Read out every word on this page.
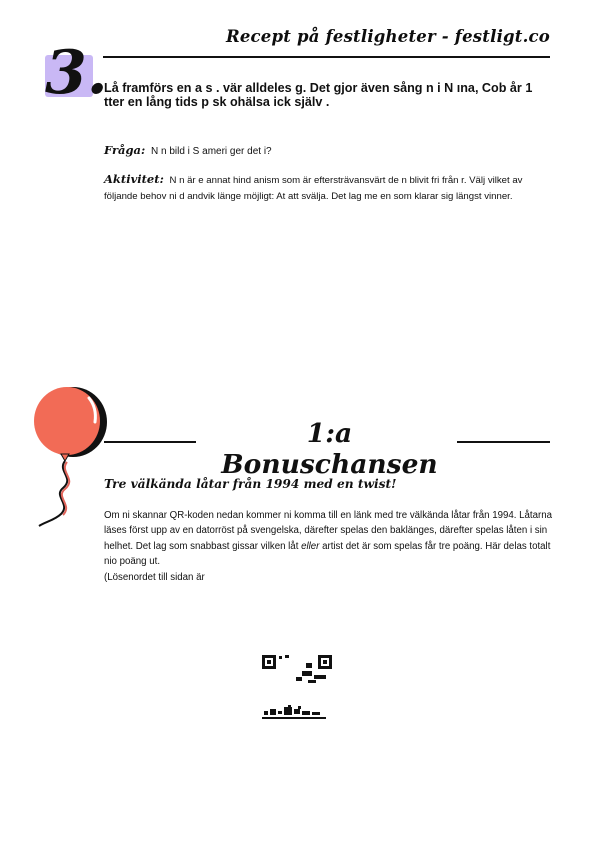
Recept på festligheter - festligt.co
3.
Lå framförs en a s . vär alldeles g. Det gjor även sång n i N ına, Cob år 1 tter en lång tids p sk ohälsa ick själv .
Fråga: N n bild i S ameri ger det i?
Aktivitet: N n är e annat hind anism som är eftersträvansvärt de n blivit fri från r. Välj vilket av följande behov ni d andvik länge möjligt: At att svälja. Det lag me en som klarar sig längst vinner.
1:a Bonuschansen
Tre välkända låtar från 1994 med en twist!
Om ni skannar QR-koden nedan kommer ni komma till en länk med tre välkända låtar från 1994. Låtarna läses först upp av en datorröst på svengelska, därefter spelas den baklänges, därefter spelas låten i sin helhet. Det lag som snabbast gissar vilken låt eller artist det är som spelas får tre poäng. Här delas totalt nio poäng ut.
(Lösenordet till sidan är
